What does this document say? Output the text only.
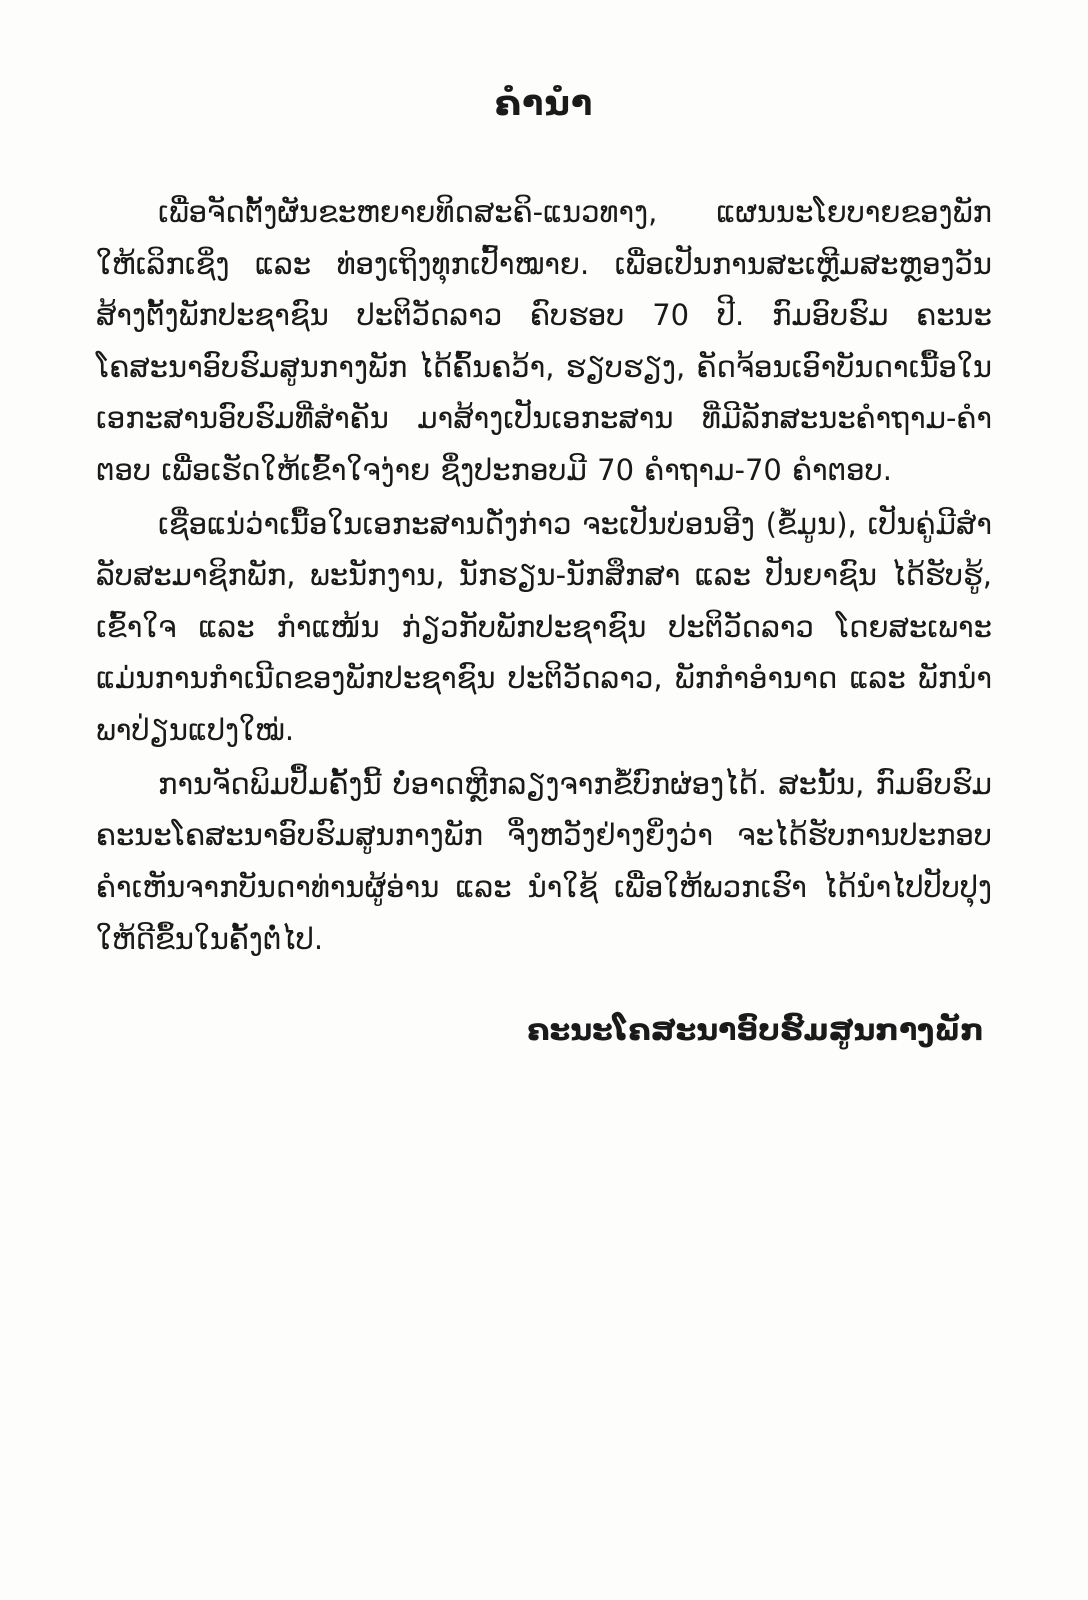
ຄໍານໍາ

ເພື່ອຈັດຕັ້ງຜັນຂະຫຍາຍທິດສະຄິ-ແນວທາງ, ແຜນນະໂຍບາຍຂອງພັກ ໃຫ້ເລິກເຊິ່ງ ແລະ ທ່ອງເຖິງທຸກເປົ້າໝາຍ. ເພື່ອເປັນການສະເຫຼີມສະຫຼອງວັນສ້າງຕັ້ງພັກປະຊາຊົນ ປະຕິວັດລາວ ຄົບຮອບ 70 ປີ. ກົມອົບຮົມ ຄະນະໂຄສະນາອົບຮົມສູນກາງພັກ ໄດ້ຄົ້ນຄວ້າ, ຮຽບຮຽງ, ຄັດຈ້ອນເອົາບັນດາເນື້ອໃນເອກະສານອົບຮົມທີ່ສໍາຄັນ ມາສ້າງເປັນເອກະສານ ທີ່ມີລັກສະນະຄໍາຖາມ-ຄໍາຕອບ ເພື່ອເຮັດໃຫ້ເຂົ້າໃຈງ່າຍ ຊຶ່ງປະກອບມີ 70 ຄໍາຖາມ-70 ຄໍາຕອບ.

ເຊື່ອແນ່ວ່າເນື້ອໃນເອກະສານດັ່ງກ່າວ ຈະເປັນບ່ອນອີງ (ຂໍ້ມູນ), ເປັນຄູ່ມີສໍາລັບສະມາຊິກພັກ, ພະນັກງານ, ນັກຮຽນ-ນັກສຶກສາ ແລະ ປັນຍາຊົນ ໄດ້ຮັບຮູ້, ເຂົ້າໃຈ ແລະ ກໍາແໜ້ນ ກ່ຽວກັບພັກປະຊາຊົນ ປະຕິວັດລາວ ໂດຍສະເພາະ ແມ່ນການກໍາເນີດຂອງພັກປະຊາຊົນ ປະຕິວັດລາວ, ພັກກໍາອໍານາດ ແລະ ພັກນໍາພາປ່ຽນແປງໃໝ່.

ການຈັດພິມປຶ້ມຄັ້ງນີ້ ບໍ່ອາດຫຼີກລຽງຈາກຂໍ້ບົກຜ່ອງໄດ້. ສະນັ້ນ, ກົມອົບຮົມ ຄະນະໂຄສະນາອົບຮົມສູນກາງພັກ ຈຶ່ງຫວັງຢ່າງຍິ່ງວ່າ ຈະໄດ້ຮັບການປະກອບຄໍາເຫັນຈາກບັນດາທ່ານຜູ້ອ່ານ ແລະ ນໍາໃຊ້ ເພື່ອໃຫ້ພວກເຮົາ ໄດ້ນໍາໄປປັບປຸງໃຫ້ດີຂຶ້ນໃນຄັ້ງຕໍ່ໄປ.

ຄະນະໂຄສະນາອົບຮົມສູນກາງພັກ
